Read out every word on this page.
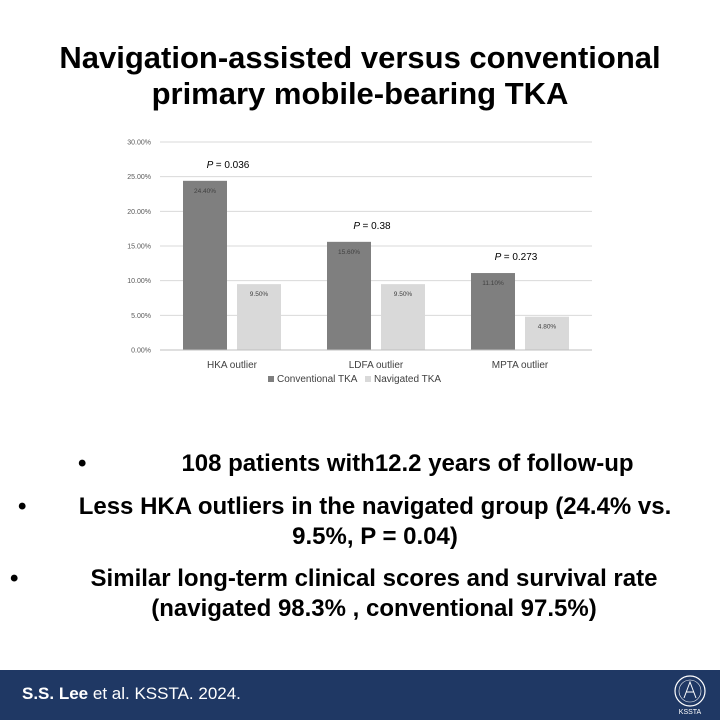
Navigation-assisted versus conventional
primary mobile-bearing TKA
0.00%
5.00%
10.00%
15.00%
20.00%
25.00%
30.00%
24.40%
9.50%
HKA outlier
P = 0.036
15.60%
9.50%
LDFA outlier
P = 0.38
11.10%
4.80%
MPTA outlier
P = 0.273
Conventional TKA Navigated TKA
•	108 patients with12.2 years of follow-up
•	Less HKA outliers in the navigated group (24.4% vs. 9.5%, P = 0.04)
•	Similar long-term clinical scores and survival rate (navigated 98.3% , conventional 97.5%)
S.S. Lee et al. KSSTA. 2024.
KSSTA
